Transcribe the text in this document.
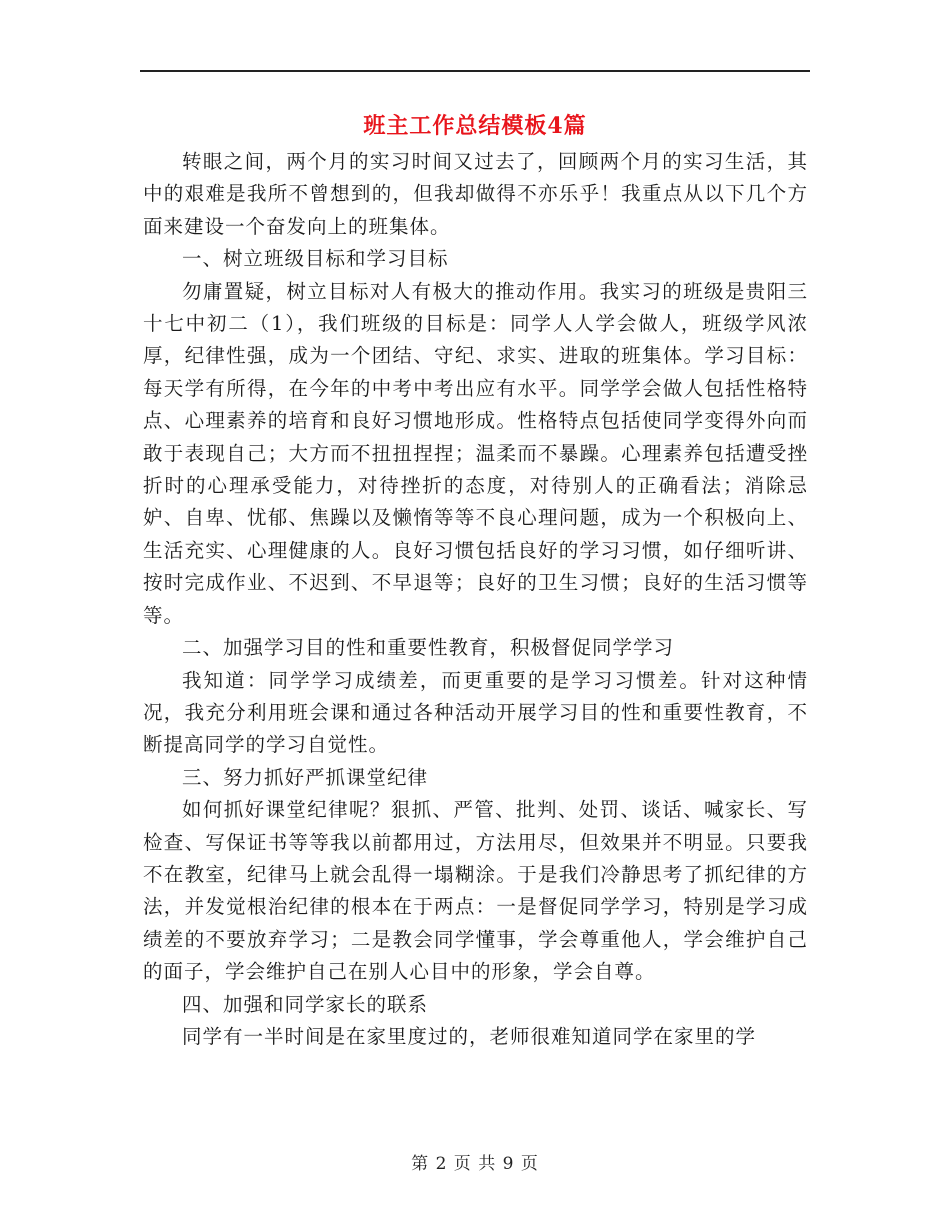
班主工作总结模板4篇

转眼之间，两个月的实习时间又过去了，回顾两个月的实习生活，其中的艰难是我所不曾想到的，但我却做得不亦乐乎！我重点从以下几个方面来建设一个奋发向上的班集体。

一、树立班级目标和学习目标

勿庸置疑，树立目标对人有极大的推动作用。我实习的班级是贵阳三十七中初二（1），我们班级的目标是：同学人人学会做人，班级学风浓厚，纪律性强，成为一个团结、守纪、求实、进取的班集体。学习目标：每天学有所得，在今年的中考中考出应有水平。同学学会做人包括性格特点、心理素养的培育和良好习惯地形成。性格特点包括使同学变得外向而敢于表现自己；大方而不扭扭捏捏；温柔而不暴躁。心理素养包括遭受挫折时的心理承受能力，对待挫折的态度，对待别人的正确看法；消除忌妒、自卑、忧郁、焦躁以及懒惰等等不良心理问题，成为一个积极向上、生活充实、心理健康的人。良好习惯包括良好的学习习惯，如仔细听讲、按时完成作业、不迟到、不早退等；良好的卫生习惯；良好的生活习惯等等。

二、加强学习目的性和重要性教育，积极督促同学学习

我知道：同学学习成绩差，而更重要的是学习习惯差。针对这种情况，我充分利用班会课和通过各种活动开展学习目的性和重要性教育，不断提高同学的学习自觉性。

三、努力抓好严抓课堂纪律

如何抓好课堂纪律呢？狠抓、严管、批判、处罚、谈话、喊家长、写检查、写保证书等等我以前都用过，方法用尽，但效果并不明显。只要我不在教室，纪律马上就会乱得一塌糊涂。于是我们冷静思考了抓纪律的方法，并发觉根治纪律的根本在于两点：一是督促同学学习，特别是学习成绩差的不要放弃学习；二是教会同学懂事，学会尊重他人，学会维护自己的面子，学会维护自己在别人心目中的形象，学会自尊。

四、加强和同学家长的联系

同学有一半时间是在家里度过的，老师很难知道同学在家里的学

第 2 页 共 9 页
